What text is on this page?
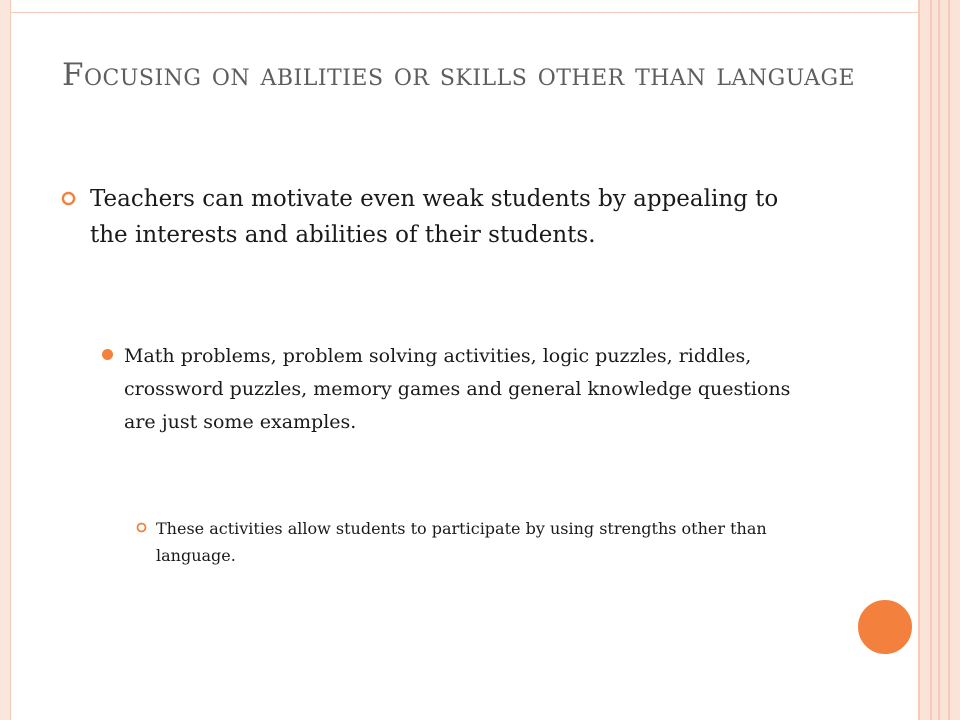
Focusing on abilities or skills other than language

Teachers can motivate even weak students by appealing to the interests and abilities of their students.

Math problems, problem solving activities, logic puzzles, riddles, crossword puzzles, memory games and general knowledge questions are just some examples.

These activities allow students to participate by using strengths other than language.
